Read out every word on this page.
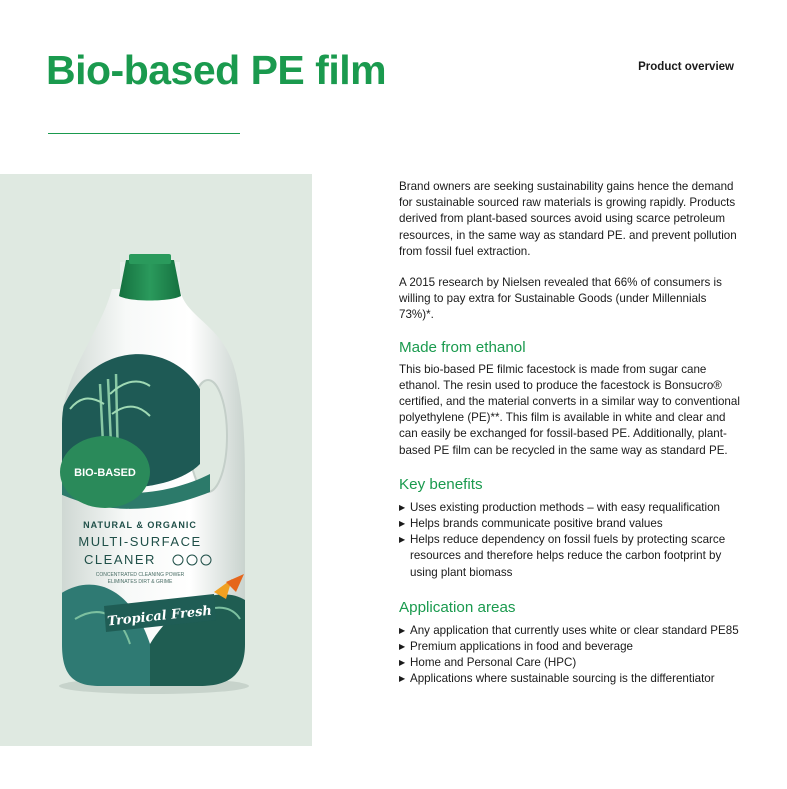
Bio-based PE film	Product overview
BIO-BASED
NATURAL & ORGANIC
MULTI-SURFACE
CLEANER
CONCENTRATED CLEANING POWER
ELIMINATES DIRT & GRIME
Tropical Fresh

Brand owners are seeking sustainability gains hence the demand for sustainable sourced raw materials is growing rapidly. Products derived from plant-based sources avoid using scarce petroleum resources, in the same way as standard PE. and prevent pollution from fossil fuel extraction.

A 2015 research by Nielsen revealed that 66% of consumers is willing to pay extra for Sustainable Goods (under Millennials 73%)*.

Made from ethanol

This bio-based PE filmic facestock is made from sugar cane ethanol. The resin used to produce the facestock is Bonsucro® certified, and the material converts in a similar way to conventional polyethylene (PE)**. This film is available in white and clear and can easily be exchanged for fossil-based PE. Additionally, plant-based PE film can be recycled in the same way as standard PE.

Key benefits
▶ Uses existing production methods – with easy requalification
▶ Helps brands communicate positive brand values
▶ Helps reduce dependency on fossil fuels by protecting scarce resources and therefore helps reduce the carbon footprint by using plant biomass
Application areas
▶ Any application that currently uses white or clear standard PE85
▶ Premium applications in food and beverage
▶ Home and Personal Care (HPC)
▶ Applications where sustainable sourcing is the differentiator
